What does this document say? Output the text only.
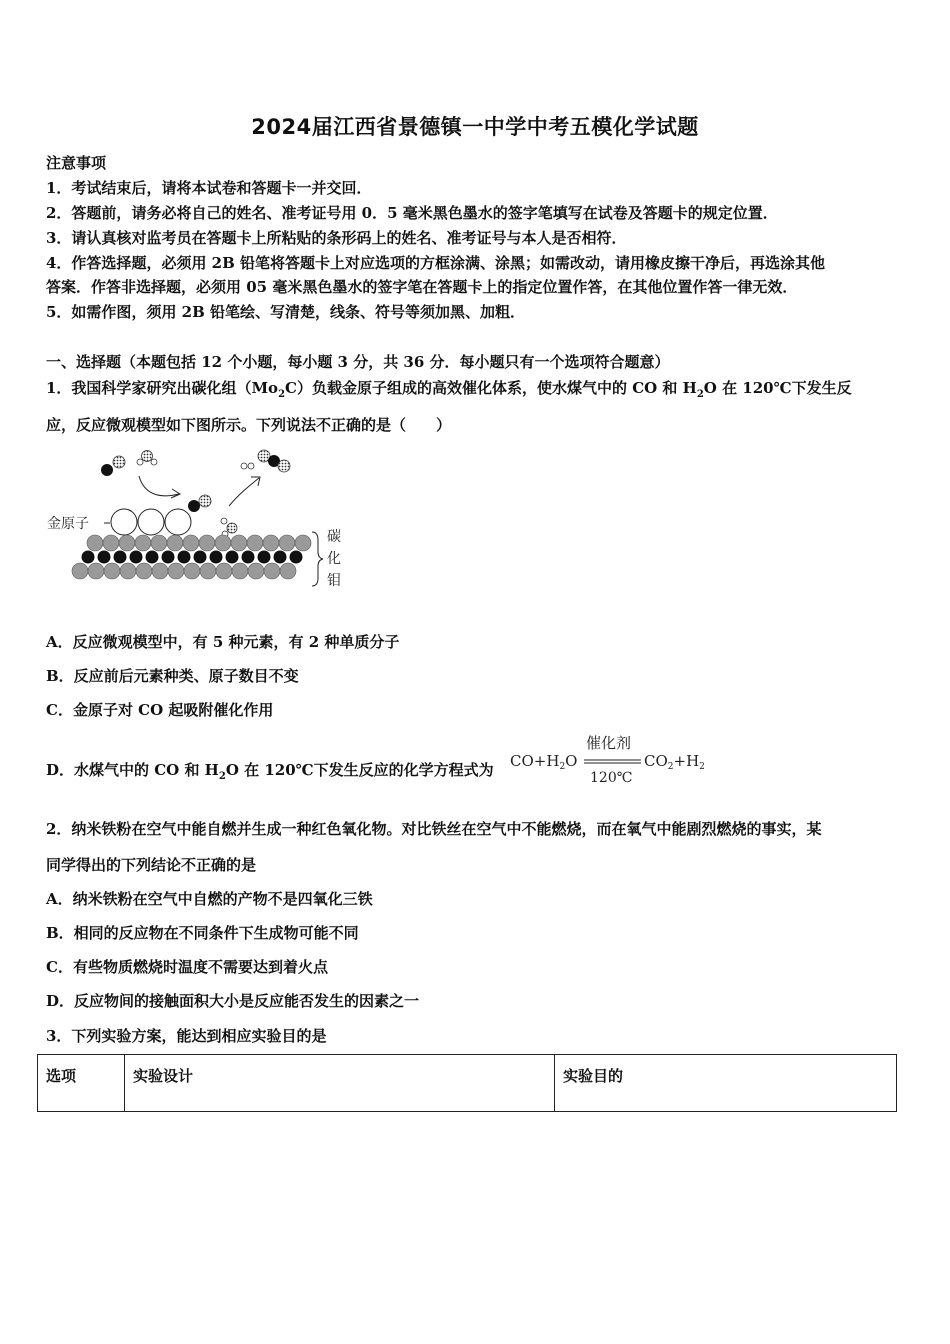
2024届江西省景德镇一中学中考五模化学试题
注意事项
1．考试结束后，请将本试卷和答题卡一并交回．
2．答题前，请务必将自己的姓名、准考证号用 0．5 毫米黑色墨水的签字笔填写在试卷及答题卡的规定位置．
3．请认真核对监考员在答题卡上所粘贴的条形码上的姓名、准考证号与本人是否相符．
4．作答选择题，必须用 2B 铅笔将答题卡上对应选项的方框涂满、涂黑；如需改动，请用橡皮擦干净后，再选涂其他
答案．作答非选择题，必须用 05 毫米黑色墨水的签字笔在答题卡上的指定位置作答，在其他位置作答一律无效．
5．如需作图，须用 2B 铅笔绘、写清楚，线条、符号等须加黑、加粗．
一、选择题（本题包括 12 个小题，每小题 3 分，共 36 分．每小题只有一个选项符合题意）
1．我国科学家研究出碳化组$(Mo_2C)$负载金原子组成的高效催化体系，使水煤气中的 CO 和 $H_2O$ 在 120℃下发生反
应，反应微观模型如下图所示。下列说法不正确的是（　　）
金原子
碳
化
钼
A．反应微观模型中，有 5 种元素，有 2 种单质分子
B．反应前后元素种类、原子数目不变
C．金原子对 CO 起吸附催化作用
D．水煤气中的 CO 和 $H_2O$ 在 120℃下发生反应的化学方程式为 $CO+H_2O$
催化剂
120℃
$CO_2+H_2$
2．纳米铁粉在空气中能自燃并生成一种红色氧化物。对比铁丝在空气中不能燃烧，而在氧气中能剧烈燃烧的事实，某
同学得出的下列结论不正确的是
A．纳米铁粉在空气中自燃的产物不是四氧化三铁
B．相同的反应物在不同条件下生成物可能不同
C．有些物质燃烧时温度不需要达到着火点
D．反应物间的接触面积大小是反应能否发生的因素之一
3．下列实验方案，能达到相应实验目的是
选项	实验设计	实验目的
